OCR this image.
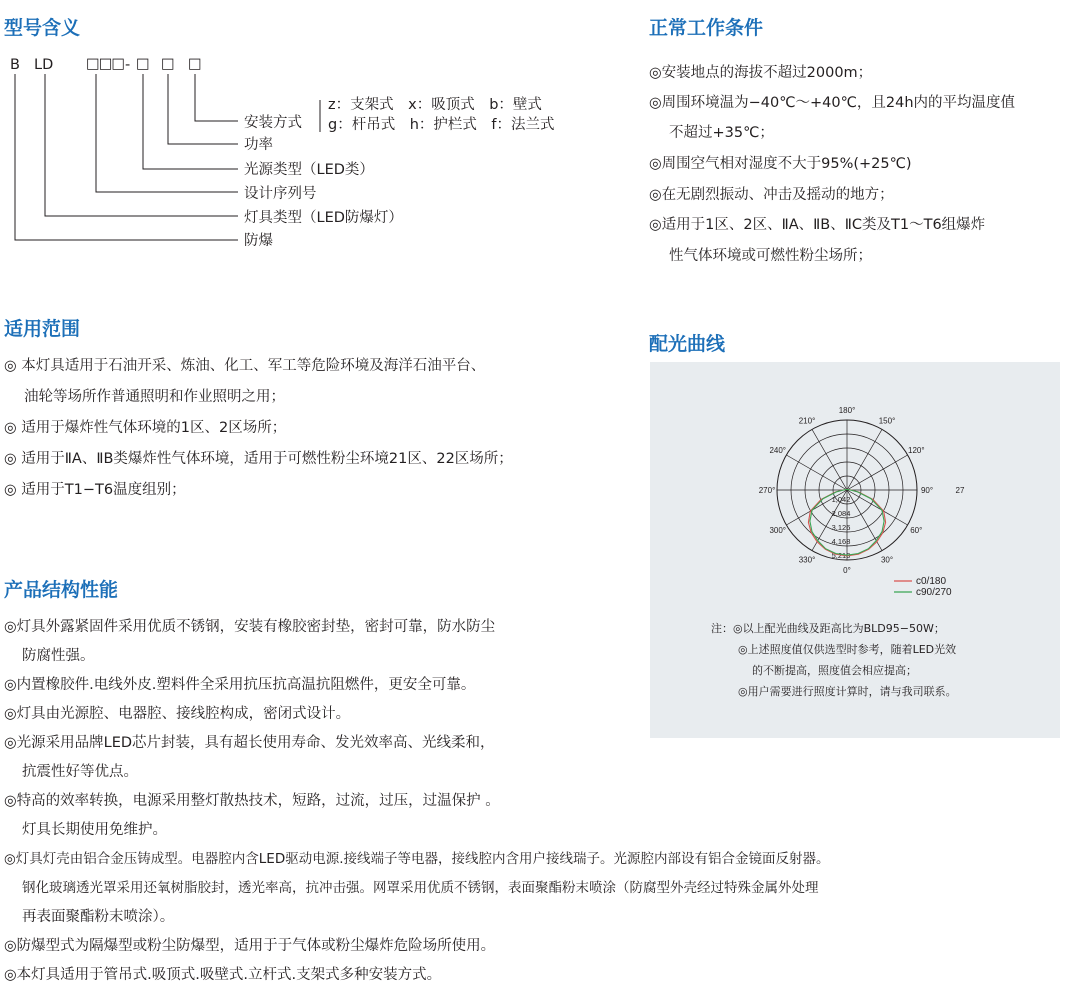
型号含义
B LD □□□ - □ □ □
安装方式
z：支架式　x：吸顶式　b：壁式
g：杆吊式　h：护栏式　f：法兰式
功率
光源类型（LED类）
设计序列号
灯具类型（LED防爆灯）
防爆
正常工作条件

◎安装地点的海拔不超过2000m；

◎周围环境温为−40℃～+40℃，且24h内的平均温度值

不超过+35℃；

◎周围空气相对湿度不大于95%(+25℃)

◎在无剧烈振动、冲击及摇动的地方；

◎适用于1区、2区、ⅡA、ⅡB、ⅡC类及T1～T6组爆炸

性气体环境或可燃性粉尘场所；

适用范围

◎ 本灯具适用于石油开采、炼油、化工、军工等危险环境及海洋石油平台、

油轮等场所作普通照明和作业照明之用；

◎ 适用于爆炸性气体环境的1区、2区场所；

◎ 适用于ⅡA、ⅡB类爆炸性气体环境，适用于可燃性粉尘环境21区、22区场所；

◎ 适用于T1−T6温度组别；

产品结构性能

◎灯具外露紧固件采用优质不锈钢，安装有橡胶密封垫，密封可靠，防水防尘

防腐性强。

◎内置橡胶件.电线外皮.塑料件全采用抗压抗高温抗阻燃件，更安全可靠。

◎灯具由光源腔、电器腔、接线腔构成，密闭式设计。

◎光源采用品牌LED芯片封装，具有超长使用寿命、发光效率高、光线柔和，

抗震性好等优点。

◎特高的效率转换，电源采用整灯散热技术，短路，过流，过压，过温保护 。

灯具长期使用免维护。

◎灯具灯壳由铝合金压铸成型。电器腔内含LED驱动电源.接线端子等电器，接线腔内含用户接线瑞子。光源腔内部设有铝合金镜面反射器。

钢化玻璃透光罩采用还氧树脂胶封，透光率高，抗冲击强。网罩采用优质不锈钢，表面聚酯粉末喷涂（防腐型外壳经过特殊金属外处理

再表面聚酯粉末喷涂）。

◎防爆型式为隔爆型或粉尘防爆型，适用于于气体或粉尘爆炸危险场所使用。

◎本灯具适用于管吊式.吸顶式.吸壁式.立杆式.支架式多种安装方式。

配光曲线
180°
150°
120°
90°
60°
30°
0°
330°
300°
270°
240°
210°
1,042
2,084
3,126
4,168
5,210
27
c0/180
c90/270
注：◎以上配光曲线及距高比为BLD95−50W；
◎上述照度值仅供选型时参考，随着LED光效
的不断提高，照度值会相应提高；
◎用户需要进行照度计算时，请与我司联系。
